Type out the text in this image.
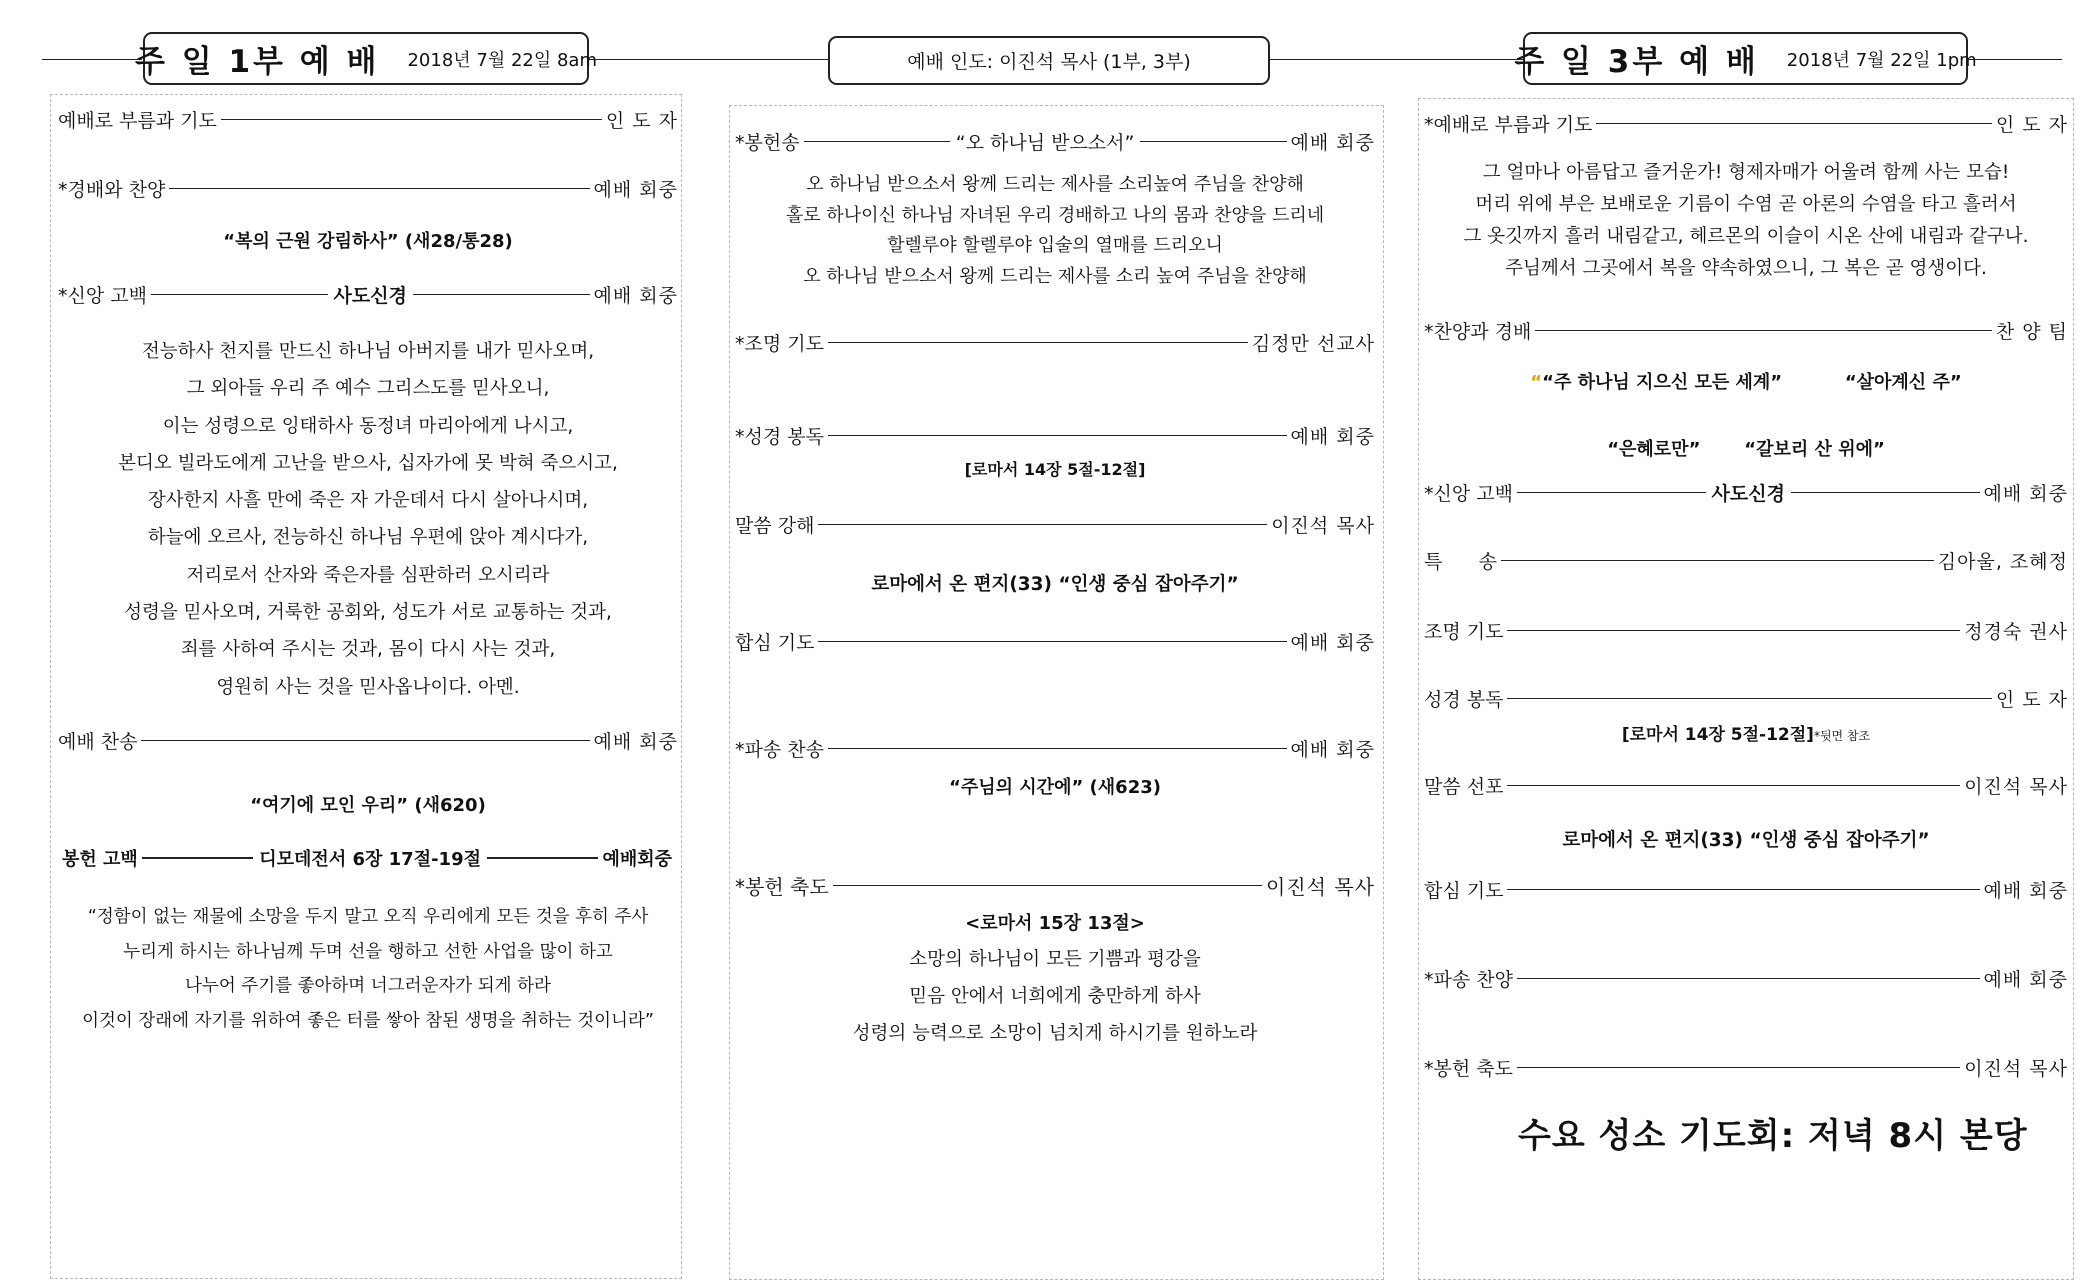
주 일 1부 예 배 2018년 7월 22일 8am	예배 인도: 이진석 목사 (1부, 3부)	주 일 3부 예 배 2018년 7월 22일 1pm
예배로 부름과 기도	인 도 자
*경배와 찬양	예배 회중
“복의 근원 강림하사” (새28/통28)
*신앙 고백	사도신경	예배 회중
전능하사 천지를 만드신 하나님 아버지를 내가 믿사오며,
그 외아들 우리 주 예수 그리스도를 믿사오니,
이는 성령으로 잉태하사 동정녀 마리아에게 나시고,
본디오 빌라도에게 고난을 받으사, 십자가에 못 박혀 죽으시고,
장사한지 사흘 만에 죽은 자 가운데서 다시 살아나시며,
하늘에 오르사, 전능하신 하나님 우편에 앉아 계시다가,
저리로서 산자와 죽은자를 심판하러 오시리라
성령을 믿사오며, 거룩한 공회와, 성도가 서로 교통하는 것과,
죄를 사하여 주시는 것과, 몸이 다시 사는 것과,
영원히 사는 것을 믿사옵나이다. 아멘.
예배 찬송	예배 회중
“여기에 모인 우리” (새620)
봉헌 고백	디모데전서 6장 17절-19절	예배회중
“정함이 없는 재물에 소망을 두지 말고 오직 우리에게 모든 것을 후히 주사
누리게 하시는 하나님께 두며 선을 행하고 선한 사업을 많이 하고
나누어 주기를 좋아하며 너그러운자가 되게 하라
이것이 장래에 자기를 위하여 좋은 터를 쌓아 참된 생명을 취하는 것이니라”
*봉헌송	“오 하나님 받으소서”	예배 회중
오 하나님 받으소서 왕께 드리는 제사를 소리높여 주님을 찬양해
홀로 하나이신 하나님 자녀된 우리 경배하고 나의 몸과 찬양을 드리네
할렐루야 할렐루야 입술의 열매를 드리오니
오 하나님 받으소서 왕께 드리는 제사를 소리 높여 주님을 찬양해
*조명 기도	김정만 선교사
*성경 봉독	예배 회중
[로마서 14장 5절-12절]
말씀 강해	이진석 목사
로마에서 온 편지(33) “인생 중심 잡아주기”
합심 기도	예배 회중
*파송 찬송	예배 회중
“주님의 시간에” (새623)
*봉헌 축도	이진석 목사
<로마서 15장 13절>
소망의 하나님이 모든 기쁨과 평강을
믿음 안에서 너희에게 충만하게 하사
성령의 능력으로 소망이 넘치게 하시기를 원하노라
*예배로 부름과 기도	인 도 자
그 얼마나 아름답고 즐거운가! 형제자매가 어울려 함께 사는 모습!
머리 위에 부은 보배로운 기름이 수염 곧 아론의 수염을 타고 흘러서
그 옷깃까지 흘러 내림같고, 헤르몬의 이슬이 시온 산에 내림과 같구나.
주님께서 그곳에서 복을 약속하였으니, 그 복은 곧 영생이다.
*찬양과 경배	찬 양 팀
““주 하나님 지으신 모든 세계”	“살아계신 주”
“은혜로만” “갈보리 산 위에”
*신앙 고백	사도신경	예배 회중
특      송	김아울, 조혜정
조명 기도	정경숙 권사
성경 봉독	인 도 자
[로마서 14장 5절-12절]*뒷면 참조
말씀 선포	이진석 목사
로마에서 온 편지(33) “인생 중심 잡아주기”
합심 기도	예배 회중
*파송 찬양	예배 회중
*봉헌 축도	이진석 목사
수요 성소 기도회: 저녁 8시 본당
